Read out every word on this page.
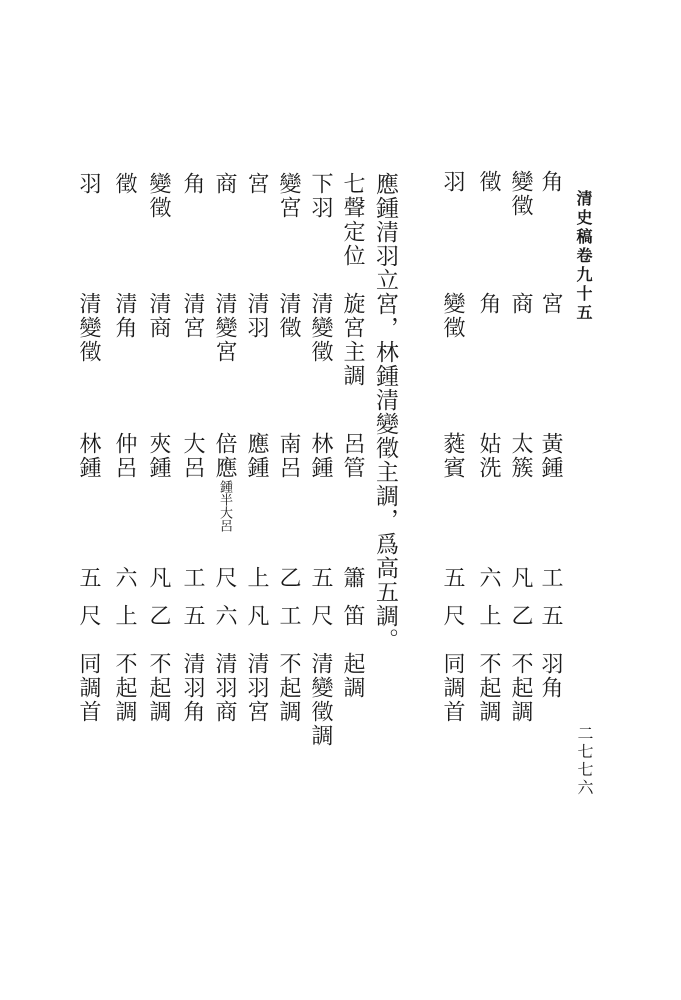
清史稿卷九十五
二七七六
角
宮
黃鍾
工
五
羽角
變徵
商
太簇
凡
乙
不起調
徵
角
姑洗
六
上
不起調
羽
變徵
蕤賓
五
尺
同調首
應鍾清羽立宮，林鍾清變徵主調，爲高五調。
七聲定位
旋宮主調
呂管
簫
笛
起調
下羽
清變徵
林鍾
五
尺
清變徵調
變宮
清徵
南呂
乙
工
不起調
宮
清羽
應鍾
上
凡
清羽宮
商
清變宮
倍應鍾半大呂
尺
六
清羽商
角
清宮
大呂
工
五
清羽角
變徵
清商
夾鍾
凡
乙
不起調
徵
清角
仲呂
六
上
不起調
羽
清變徵
林鍾
五
尺
同調首
